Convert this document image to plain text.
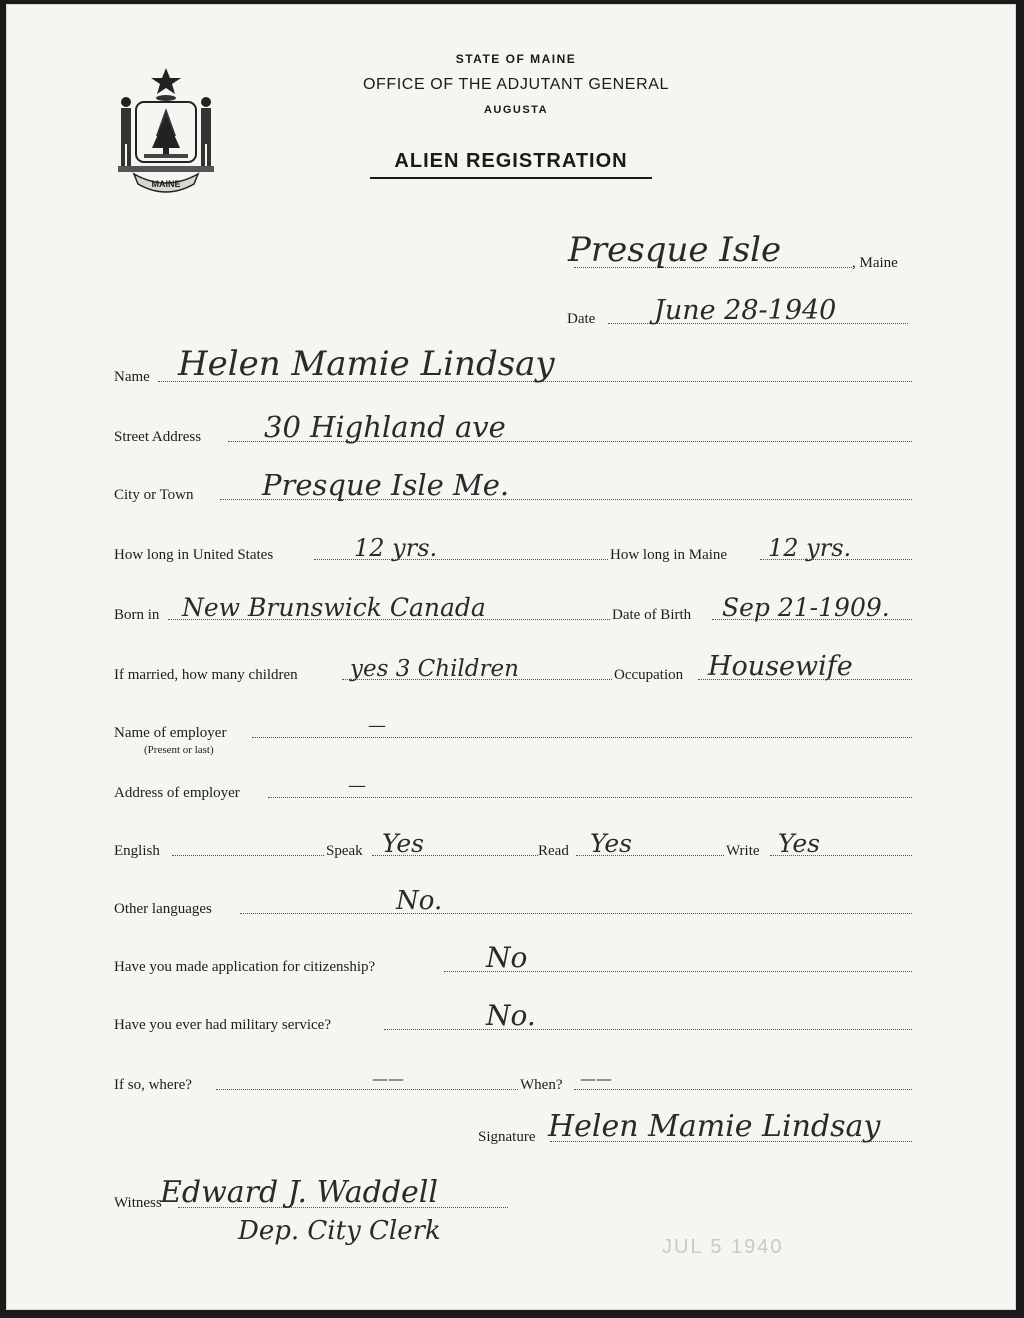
MAINE
STATE OF MAINE
OFFICE OF THE ADJUTANT GENERAL
AUGUSTA
ALIEN REGISTRATION
Presque Isle	, Maine
Date June 28-1940
Name Helen Mamie Lindsay
Street Address 30 Highland ave
City or Town Presque Isle Me.
How long in United States	12 yrs.	How long in Maine 12 yrs.
Born in New Brunswick Canada	Date of Birth Sep 21-1909.
If married, how many children yes 3 Children	Occupation Housewife
Name of employer
(Present or last)
—
Address of employer	—
English	Speak Yes	Read Yes	Write Yes
Other languages	No.
Have you made application for citizenship?	No
Have you ever had military service?	No.
If so, where?	——	When? ——
Signature Helen Mamie Lindsay
Witness
Edward J. Waddell
Dep. City Clerk
JUL 5 1940
